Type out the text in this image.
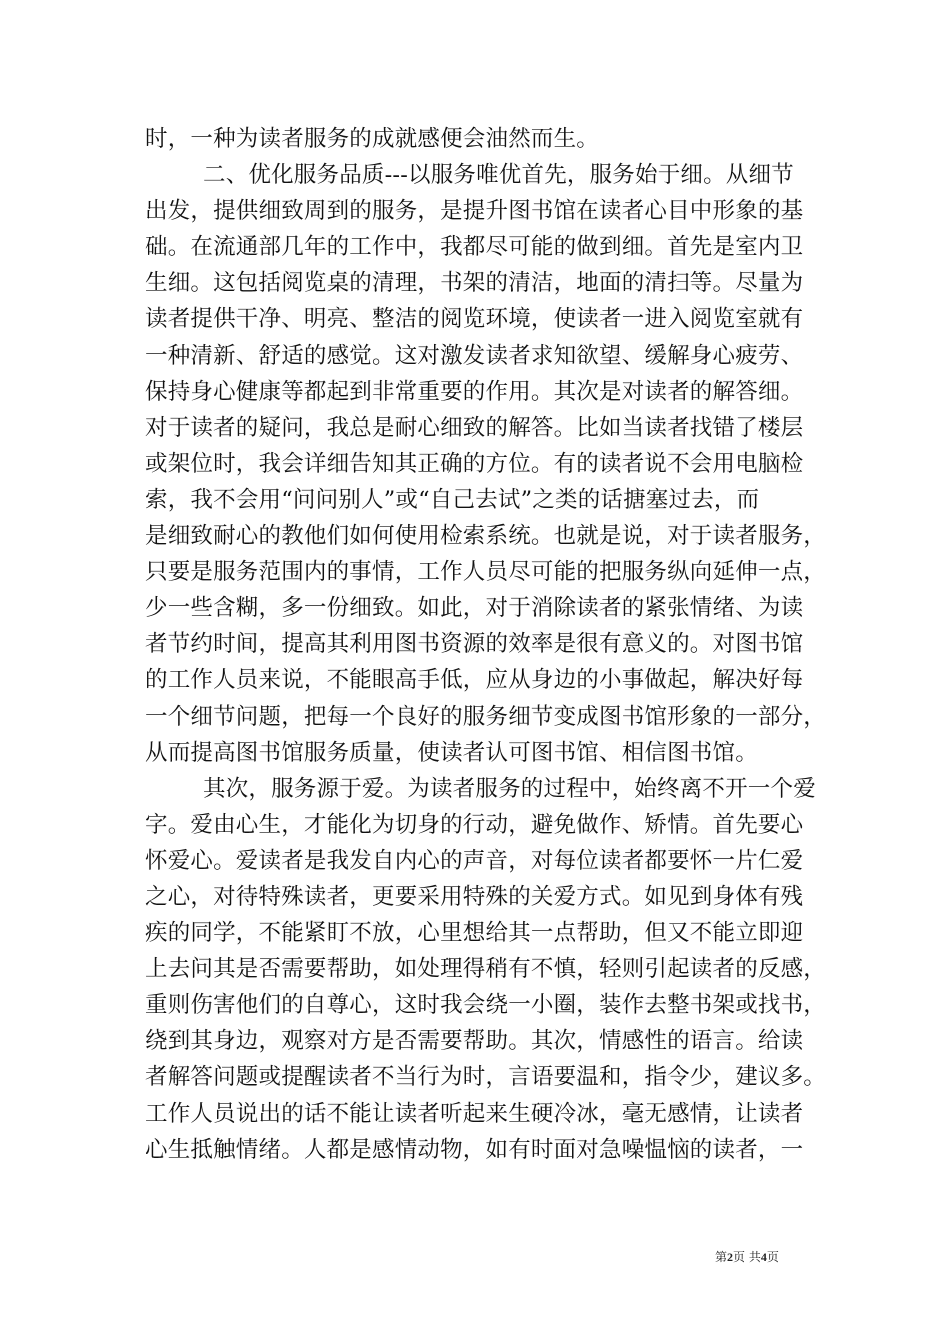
时，一种为读者服务的成就感便会油然而生。
二、优化服务品质---以服务唯优首先，服务始于细。从细节
出发，提供细致周到的服务，是提升图书馆在读者心目中形象的基
础。在流通部几年的工作中，我都尽可能的做到细。首先是室内卫
生细。这包括阅览桌的清理，书架的清洁，地面的清扫等。尽量为
读者提供干净、明亮、整洁的阅览环境，使读者一进入阅览室就有
一种清新、舒适的感觉。这对激发读者求知欲望、缓解身心疲劳、
保持身心健康等都起到非常重要的作用。其次是对读者的解答细。
对于读者的疑问，我总是耐心细致的解答。比如当读者找错了楼层
或架位时，我会详细告知其正确的方位。有的读者说不会用电脑检
索，我不会用“问问别人”或“自己去试”之类的话搪塞过去，而
是细致耐心的教他们如何使用检索系统。也就是说，对于读者服务，
只要是服务范围内的事情，工作人员尽可能的把服务纵向延伸一点，
少一些含糊，多一份细致。如此，对于消除读者的紧张情绪、为读
者节约时间，提高其利用图书资源的效率是很有意义的。对图书馆
的工作人员来说，不能眼高手低，应从身边的小事做起，解决好每
一个细节问题，把每一个良好的服务细节变成图书馆形象的一部分，
从而提高图书馆服务质量，使读者认可图书馆、相信图书馆。
其次，服务源于爱。为读者服务的过程中，始终离不开一个爱
字。爱由心生，才能化为切身的行动，避免做作、矫情。首先要心
怀爱心。爱读者是我发自内心的声音，对每位读者都要怀一片仁爱
之心，对待特殊读者，更要采用特殊的关爱方式。如见到身体有残
疾的同学，不能紧盯不放，心里想给其一点帮助，但又不能立即迎
上去问其是否需要帮助，如处理得稍有不慎，轻则引起读者的反感，
重则伤害他们的自尊心，这时我会绕一小圈，装作去整书架或找书，
绕到其身边，观察对方是否需要帮助。其次，情感性的语言。给读
者解答问题或提醒读者不当行为时，言语要温和，指令少，建议多。
工作人员说出的话不能让读者听起来生硬冷冰，毫无感情，让读者
心生抵触情绪。人都是感情动物，如有时面对急噪愠恼的读者，一
第2页 共4页
